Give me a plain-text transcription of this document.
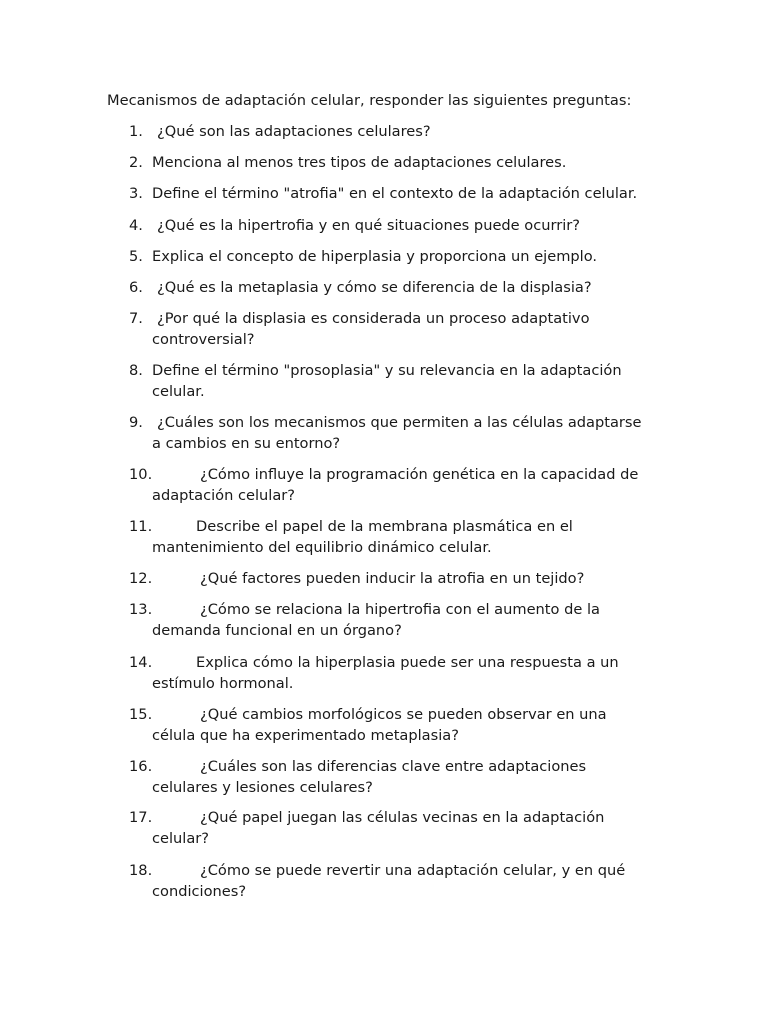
Mecanismos de adaptación celular, responder las siguientes preguntas:

1. ¿Qué son las adaptaciones celulares?
2. Menciona al menos tres tipos de adaptaciones celulares.
3. Define el término "atrofia" en el contexto de la adaptación celular.
4. ¿Qué es la hipertrofia y en qué situaciones puede ocurrir?
5. Explica el concepto de hiperplasia y proporciona un ejemplo.
6. ¿Qué es la metaplasia y cómo se diferencia de la displasia?
7. ¿Por qué la displasia es considerada un proceso adaptativo
controversial?
8. Define el término "prosoplasia" y su relevancia en la adaptación
celular.
9. ¿Cuáles son los mecanismos que permiten a las células adaptarse
a cambios en su entorno?
10.	¿Cómo influye la programación genética en la capacidad de
adaptación celular?
11.	Describe el papel de la membrana plasmática en el
mantenimiento del equilibrio dinámico celular.
12.	¿Qué factores pueden inducir la atrofia en un tejido?
13.	¿Cómo se relaciona la hipertrofia con el aumento de la
demanda funcional en un órgano?
14.	Explica cómo la hiperplasia puede ser una respuesta a un
estímulo hormonal.
15.	¿Qué cambios morfológicos se pueden observar en una
célula que ha experimentado metaplasia?
16.	¿Cuáles son las diferencias clave entre adaptaciones
celulares y lesiones celulares?
17.	¿Qué papel juegan las células vecinas en la adaptación
celular?
18.	¿Cómo se puede revertir una adaptación celular, y en qué
condiciones?
